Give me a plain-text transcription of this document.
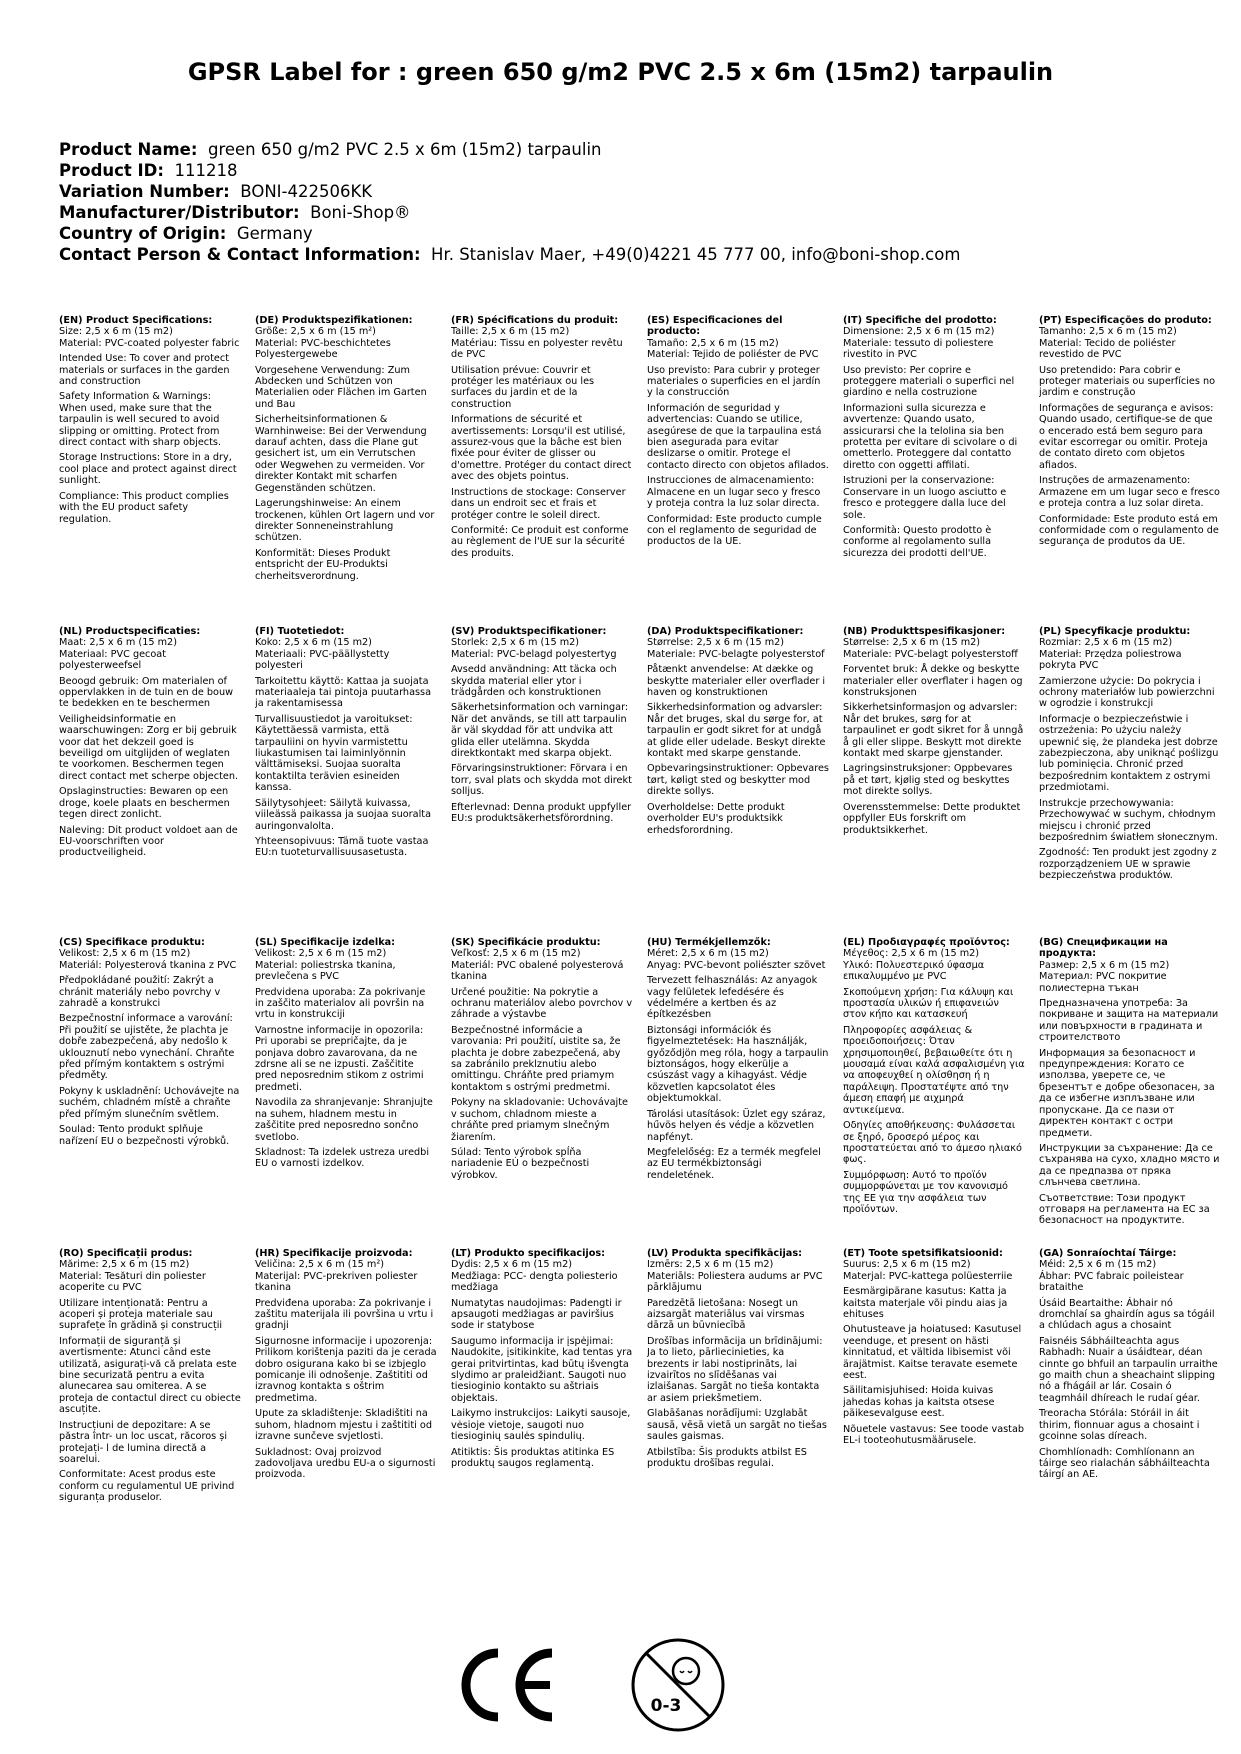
GPSR Label for : green 650 g/m2 PVC 2.5 x 6m (15m2) tarpaulin
Product Name: green 650 g/m2 PVC 2.5 x 6m (15m2) tarpaulin
Product ID: 111218
Variation Number: BONI-422506KK
Manufacturer/Distributor: Boni-Shop®
Country of Origin: Germany
Contact Person & Contact Information: Hr. Stanislav Maer, +49(0)4221 45 777 00, info@boni-shop.com
(EN) Product Specifications:
Size: 2,5 x 6 m (15 m2)
Material: PVC-coated polyester fabric
Intended Use: To cover and protect materials or surfaces in the garden and construction
Safety Information & Warnings: When used, make sure that the tarpaulin is well secured to avoid slipping or omitting. Protect from direct contact with sharp objects.
Storage Instructions: Store in a dry, cool place and protect against direct sunlight.
Compliance: This product complies with the EU product safety regulation.
(DE) Produktspezifikationen:
Größe: 2,5 x 6 m (15 m²)
Material: PVC-beschichtetes Polyestergewebe
Vorgesehene Verwendung: Zum Abdecken und Schützen von Materialien oder Flächen im Garten und Bau
Sicherheitsinformationen & Warnhinweise: Bei der Verwendung darauf achten, dass die Plane gut gesichert ist, um ein Verrutschen oder Wegwehen zu vermeiden. Vor direkter Kontakt mit scharfen Gegenständen schützen.
Lagerungshinweise: An einem trockenen, kühlen Ort lagern und vor direkter Sonneneinstrahlung schützen.
Konformität: Dieses Produkt entspricht der EU-Produktsi cherheitsverordnung.
(FR) Spécifications du produit:
Taille: 2,5 x 6 m (15 m2)
Matériau: Tissu en polyester revêtu de PVC
Utilisation prévue: Couvrir et protéger les matériaux ou les surfaces du jardin et de la construction
Informations de sécurité et avertissements: Lorsqu'il est utilisé, assurez-vous que la bâche est bien fixée pour éviter de glisser ou d'omettre. Protéger du contact direct avec des objets pointus.
Instructions de stockage: Conserver dans un endroit sec et frais et protéger contre le soleil direct.
Conformité: Ce produit est conforme au règlement de l'UE sur la sécurité des produits.
(ES) Especificaciones del producto:
Tamaño: 2,5 x 6 m (15 m2)
Material: Tejido de poliéster de PVC
Uso previsto: Para cubrir y proteger materiales o superficies en el jardín y la construcción
Información de seguridad y advertencias: Cuando se utilice, asegúrese de que la tarpaulina está bien asegurada para evitar deslizarse o omitir. Protege el contacto directo con objetos afilados.
Instrucciones de almacenamiento: Almacene en un lugar seco y fresco y proteja contra la luz solar directa.
Conformidad: Este producto cumple con el reglamento de seguridad de productos de la UE.
(IT) Specifiche del prodotto:
Dimensione: 2,5 x 6 m (15 m2)
Materiale: tessuto di poliestere rivestito in PVC
Uso previsto: Per coprire e proteggere materiali o superfici nel giardino e nella costruzione
Informazioni sulla sicurezza e avvertenze: Quando usato, assicurarsi che la telolina sia ben protetta per evitare di scivolare o di ometterlo. Proteggere dal contatto diretto con oggetti affilati.
Istruzioni per la conservazione: Conservare in un luogo asciutto e fresco e proteggere dalla luce del sole.
Conformità: Questo prodotto è conforme al regolamento sulla sicurezza dei prodotti dell'UE.
(PT) Especificações do produto:
Tamanho: 2,5 x 6 m (15 m2)
Material: Tecido de poliéster revestido de PVC
Uso pretendido: Para cobrir e proteger materiais ou superfícies no jardim e construção
Informações de segurança e avisos: Quando usado, certifique-se de que o encerado está bem seguro para evitar escorregar ou omitir. Proteja de contato direto com objetos afiados.
Instruções de armazenamento: Armazene em um lugar seco e fresco e proteja contra a luz solar direta.
Conformidade: Este produto está em conformidade com o regulamento de segurança de produtos da UE.
(NL) Productspecificaties:
Maat: 2,5 x 6 m (15 m2)
Materiaal: PVC gecoat polyesterweefsel
Beoogd gebruik: Om materialen of oppervlakken in de tuin en de bouw te bedekken en te beschermen
Veiligheidsinformatie en waarschuwingen: Zorg er bij gebruik voor dat het dekzeil goed is beveiligd om uitglijden of weglaten te voorkomen. Beschermen tegen direct contact met scherpe objecten.
Opslaginstructies: Bewaren op een droge, koele plaats en beschermen tegen direct zonlicht.
Naleving: Dit product voldoet aan de EU-voorschriften voor productveiligheid.
(FI) Tuotetiedot:
Koko: 2,5 x 6 m (15 m2)
Materiaali: PVC-päällystetty polyesteri
Tarkoitettu käyttö: Kattaa ja suojata materiaaleja tai pintoja puutarhassa ja rakentamisessa
Turvallisuustiedot ja varoitukset: Käytettäessä varmista, että tarpauliini on hyvin varmistettu liukastumisen tai laiminlyönnin välttämiseksi. Suojaa suoralta kontaktilta terävien esineiden kanssa.
Säilytysohjeet: Säilytä kuivassa, viileässä paikassa ja suojaa suoralta auringonvalolta.
Yhteensopivuus: Tämä tuote vastaa EU:n tuoteturvallisuusasetusta.
(SV) Produktspecifikationer:
Storlek: 2,5 x 6 m (15 m2)
Material: PVC-belagd polyestertyg
Avsedd användning: Att täcka och skydda material eller ytor i trädgården och konstruktionen
Säkerhetsinformation och varningar: När det används, se till att tarpaulin är väl skyddad för att undvika att glida eller utelämna. Skydda direktkontakt med skarpa objekt.
Förvaringsinstruktioner: Förvara i en torr, sval plats och skydda mot direkt solljus.
Efterlevnad: Denna produkt uppfyller EU:s produktsäkerhetsförordning.
(DA) Produktspecifikationer:
Størrelse: 2,5 x 6 m (15 m2)
Materiale: PVC-belagte polyesterstof
Påtænkt anvendelse: At dække og beskytte materialer eller overflader i haven og konstruktionen
Sikkerhedsinformation og advarsler: Når det bruges, skal du sørge for, at tarpaulin er godt sikret for at undgå at glide eller udelade. Beskyt direkte kontakt med skarpe genstande.
Opbevaringsinstruktioner: Opbevares tørt, køligt sted og beskytter mod direkte sollys.
Overholdelse: Dette produkt overholder EU's produktsikk erhedsforordning.
(NB) Produkttspesifikasjoner:
Størrelse: 2,5 x 6 m (15 m2)
Materiale: PVC-belagt polyesterstoff
Forventet bruk: Å dekke og beskytte materialer eller overflater i hagen og konstruksjonen
Sikkerhetsinformasjon og advarsler: Når det brukes, sørg for at tarpaulinet er godt sikret for å unngå å gli eller slippe. Beskytt mot direkte kontakt med skarpe gjenstander.
Lagringsinstruksjoner: Oppbevares på et tørt, kjølig sted og beskyttes mot direkte sollys.
Overensstemmelse: Dette produktet oppfyller EUs forskrift om produktsikkerhet.
(PL) Specyfikacje produktu:
Rozmiar: 2,5 x 6 m (15 m2)
Materiał: Przędza poliestrowa pokryta PVC
Zamierzone użycie: Do pokrycia i ochrony materiałów lub powierzchni w ogrodzie i konstrukcji
Informacje o bezpieczeństwie i ostrzeżenia: Po użyciu należy upewnić się, że plandeka jest dobrze zabezpieczona, aby uniknąć poślizgu lub pominięcia. Chronić przed bezpośrednim kontaktem z ostrymi przedmiotami.
Instrukcje przechowywania: Przechowywać w suchym, chłodnym miejscu i chronić przed bezpośrednim światłem słonecznym.
Zgodność: Ten produkt jest zgodny z rozporządzeniem UE w sprawie bezpieczeństwa produktów.
(CS) Specifikace produktu:
Velikost: 2,5 x 6 m (15 m2)
Materiál: Polyesterová tkanina z PVC
Předpokládané použití: Zakrýt a chránit materiály nebo povrchy v zahradě a konstrukci
Bezpečnostní informace a varování: Při použití se ujistěte, že plachta je dobře zabezpečená, aby nedošlo k uklouznutí nebo vynechání. Chraňte před přímým kontaktem s ostrými předměty.
Pokyny k uskladnění: Uchovávejte na suchém, chladném místě a chraňte před přímým slunečním světlem.
Soulad: Tento produkt splňuje nařízení EU o bezpečnosti výrobků.
(SL) Specifikacije izdelka:
Velikost: 2,5 x 6 m (15 m2)
Material: poliestrska tkanina, prevlečena s PVC
Predvidena uporaba: Za pokrivanje in zaščito materialov ali površin na vrtu in konstrukciji
Varnostne informacije in opozorila: Pri uporabi se prepričajte, da je ponjava dobro zavarovana, da ne zdrsne ali se ne izpusti. Zaščitite pred neposrednim stikom z ostrimi predmeti.
Navodila za shranjevanje: Shranjujte na suhem, hladnem mestu in zaščitite pred neposredno sončno svetlobo.
Skladnost: Ta izdelek ustreza uredbi EU o varnosti izdelkov.
(SK) Špecifikácie produktu:
Veľkosť: 2,5 x 6 m (15 m2)
Materiál: PVC obalené polyesterová tkanina
Určené použitie: Na pokrytie a ochranu materiálov alebo povrchov v záhrade a výstavbe
Bezpečnostné informácie a varovania: Pri použití, uistite sa, že plachta je dobre zabezpečená, aby sa zabránilo preklznutiu alebo omittingu. Chráňte pred priamym kontaktom s ostrými predmetmi.
Pokyny na skladovanie: Uchovávajte v suchom, chladnom mieste a chráňte pred priamym slnečným žiarením.
Súlad: Tento výrobok spĺňa nariadenie EÚ o bezpečnosti výrobkov.
(HU) Termékjellemzők:
Méret: 2,5 x 6 m (15 m2)
Anyag: PVC-bevont poliészter szövet
Tervezett felhasználás: Az anyagok vagy felületek lefedésére és védelmére a kertben és az építkezésben
Biztonsági információk és figyelmeztetések: Ha használják, győződjön meg róla, hogy a tarpaulin biztonságos, hogy elkerülje a csúszást vagy a kihagyást. Védje közvetlen kapcsolatot éles objektumokkal.
Tárolási utasítások: Üzlet egy száraz, hűvös helyen és védje a közvetlen napfényt.
Megfelelőség: Ez a termék megfelel az EU termékbiztonsági rendeletének.
(EL) Προδιαγραφές προϊόντος:
Μέγεθος: 2,5 x 6 m (15 m2)
Υλικό: Πολυεστερικό ύφασμα επικαλυμμένο με PVC
Σκοπούμενη χρήση: Για κάλυψη και προστασία υλικών ή επιφανειών στον κήπο και κατασκευή
Πληροφορίες ασφάλειας & προειδοποιήσεις: Όταν χρησιμοποιηθεί, βεβαιωθείτε ότι η μουσαμά είναι καλά ασφαλισμένη για να αποφευχθεί η ολίσθηση ή η παράλειψη. Προστατέψτε από την άμεση επαφή με αιχμηρά αντικείμενα.
Οδηγίες αποθήκευσης: Φυλάσσεται σε ξηρό, δροσερό μέρος και προστατεύεται από το άμεσο ηλιακό φως.
Συμμόρφωση: Αυτό το προϊόν συμμορφώνεται με τον κανονισμό της ΕΕ για την ασφάλεια των προϊόντων.
(BG) Спецификации на продукта:
Размер: 2,5 x 6 m (15 m2)
Материал: PVC покритие полиестерна тъкан
Предназначена употреба: За покриване и защита на материали или повърхности в градината и строителството
Информация за безопасност и предупреждения: Когато се използва, уверете се, че брезентът е добре обезопасен, за да се избегне изплъзване или пропускане. Да се пази от директен контакт с остри предмети.
Инструкции за съхранение: Да се съхранява на сухо, хладно място и да се предпазва от пряка слънчева светлина.
Съответствие: Този продукт отговаря на регламента на ЕС за безопасност на продуктите.
(RO) Specificații produs:
Mărime: 2,5 x 6 m (15 m2)
Material: Tesături din poliester acoperite cu PVC
Utilizare intenționată: Pentru a acoperi și proteja materiale sau suprafețe în grădină și construcții
Informații de siguranță și avertismente: Atunci când este utilizată, asigurați-vă că prelata este bine securizată pentru a evita alunecarea sau omiterea. A se proteja de contactul direct cu obiecte ascuțite.
Instrucțiuni de depozitare: A se păstra într- un loc uscat, răcoros și protejați- l de lumina directă a soarelui.
Conformitate: Acest produs este conform cu regulamentul UE privind siguranța produselor.
(HR) Specifikacije proizvoda:
Veličina: 2,5 x 6 m (15 m²)
Materijal: PVC-prekriven poliester tkanina
Predviđena uporaba: Za pokrivanje i zaštitu materijala ili površina u vrtu i gradnji
Sigurnosne informacije i upozorenja: Prilikom korištenja paziti da je cerada dobro osigurana kako bi se izbjeglo pomicanje ili odnošenje. Zaštititi od izravnog kontakta s oštrim predmetima.
Upute za skladištenje: Skladištiti na suhom, hladnom mjestu i zaštititi od izravne sunčeve svjetlosti.
Sukladnost: Ovaj proizvod zadovoljava uredbu EU-a o sigurnosti proizvoda.
(LT) Produkto specifikacijos:
Dydis: 2,5 x 6 m (15 m2)
Medžiaga: PCC- dengta poliesterio medžiaga
Numatytas naudojimas: Padengti ir apsaugoti medžiagas ar paviršius sode ir statybose
Saugumo informacija ir įspėjimai: Naudokite, įsitikinkite, kad tentas yra gerai pritvirtintas, kad būtų išvengta slydimo ar praleidžiant. Saugoti nuo tiesioginio kontakto su aštriais objektais.
Laikymo instrukcijos: Laikyti sausoje, vėsioje vietoje, saugoti nuo tiesioginių saulės spindulių.
Atitiktis: Šis produktas atitinka ES produktų saugos reglamentą.
(LV) Produkta specifikācijas:
Izmērs: 2,5 x 6 m (15 m2)
Materiāls: Poliestera audums ar PVC pārklājumu
Paredzētā lietošana: Nosegt un aizsargāt materiālus vai virsmas dārzā un būvniecībā
Drošības informācija un brīdinājumi: Ja to lieto, pārliecinieties, ka brezents ir labi nostiprināts, lai izvairītos no slīdēšanas vai izlaišanas. Sargāt no tieša kontakta ar asiem priekšmetiem.
Glabāšanas norādījumi: Uzglabāt sausā, vēsā vietā un sargāt no tiešas saules gaismas.
Atbilstība: Šis produkts atbilst ES produktu drošības regulai.
(ET) Toote spetsifikatsioonid:
Suurus: 2,5 x 6 m (15 m2)
Materjal: PVC-kattega polüesterriie
Eesmärgipärane kasutus: Katta ja kaitsta materjale või pindu aias ja ehituses
Ohutusteave ja hoiatused: Kasutusel veenduge, et present on hästi kinnitatud, et vältida libisemist või ärajätmist. Kaitse teravate esemete eest.
Säilitamisjuhised: Hoida kuivas jahedas kohas ja kaitsta otsese päikesevalguse eest.
Nõuetele vastavus: See toode vastab EL-i tooteohutusmäärusele.
(GA) Sonraíochtaí Táirge:
Méid: 2,5 x 6 m (15 m2)
Ábhar: PVC fabraic poileistear brataithe
Úsáid Beartaithe: Ábhair nó dromchlaí sa ghairdín agus sa tógáil a chlúdach agus a chosaint
Faisnéis Sábháilteachta agus Rabhadh: Nuair a úsáidtear, déan cinnte go bhfuil an tarpaulin urraithe go maith chun a sheachaint slipping nó a fhágáil ar lár. Cosain ó teagmháil dhíreach le rudaí géar.
Treoracha Stórála: Stóráil in áit thirim, fionnuar agus a chosaint i gcoinne solas díreach.
Chomhlíonadh: Comhlíonann an táirge seo rialachán sábháilteachta táirgí an AE.
0-3
